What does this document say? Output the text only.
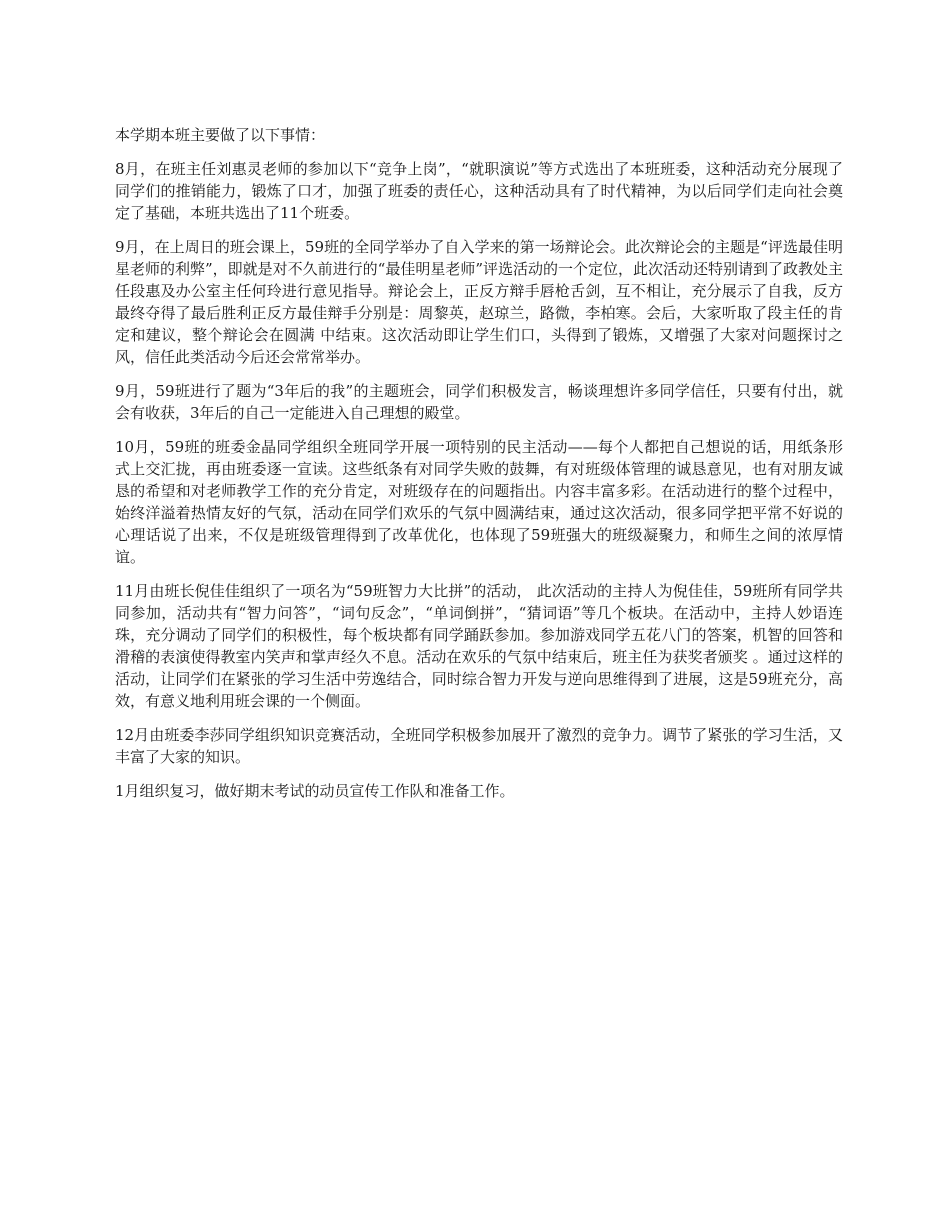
本学期本班主要做了以下事情：

8月，在班主任刘惠灵老师的参加以下“竞争上岗”，“就职演说”等方式选出了本班班委，这种活动充分展现了同学们的推销能力，锻炼了口才，加强了班委的责任心，这种活动具有了时代精神，为以后同学们走向社会奠定了基础，本班共选出了11个班委。

9月，在上周日的班会课上，59班的全同学举办了自入学来的第一场辩论会。此次辩论会的主题是“评选最佳明星老师的利弊”，即就是对不久前进行的“最佳明星老师”评选活动的一个定位，此次活动还特别请到了政教处主任段惠及办公室主任何玲进行意见指导。辩论会上，正反方辩手唇枪舌剑，互不相让，充分展示了自我，反方最终夺得了最后胜利正反方最佳辩手分别是：周黎英，赵琼兰，路微，李柏寒。会后，大家听取了段主任的肯定和建议，整个辩论会在圆满 中结束。这次活动即让学生们口，头得到了锻炼，又增强了大家对问题探讨之风，信任此类活动今后还会常常举办。

9月，59班进行了题为“3年后的我”的主题班会，同学们积极发言，畅谈理想许多同学信任，只要有付出，就会有收获，3年后的自己一定能进入自己理想的殿堂。

10月，59班的班委金晶同学组织全班同学开展一项特别的民主活动——每个人都把自己想说的话，用纸条形式上交汇拢，再由班委逐一宣读。这些纸条有对同学失败的鼓舞，有对班级体管理的诚恳意见，也有对朋友诚恳的希望和对老师教学工作的充分肯定，对班级存在的问题指出。内容丰富多彩。在活动进行的整个过程中，始终洋溢着热情友好的气氛，活动在同学们欢乐的气氛中圆满结束，通过这次活动，很多同学把平常不好说的心理话说了出来，不仅是班级管理得到了改革优化，也体现了59班强大的班级凝聚力，和师生之间的浓厚情谊。

11月由班长倪佳佳组织了一项名为“59班智力大比拼”的活动， 此次活动的主持人为倪佳佳，59班所有同学共同参加，活动共有“智力问答”，“词句反念”，“单词倒拼”，“猜词语”等几个板块。在活动中，主持人妙语连珠，充分调动了同学们的积极性，每个板块都有同学踊跃参加。参加游戏同学五花八门的答案，机智的回答和滑稽的表演使得教室内笑声和掌声经久不息。活动在欢乐的气氛中结束后，班主任为获奖者颁奖 。通过这样的活动，让同学们在紧张的学习生活中劳逸结合，同时综合智力开发与逆向思维得到了进展，这是59班充分，高效，有意义地利用班会课的一个侧面。

12月由班委李莎同学组织知识竞赛活动，全班同学积极参加展开了激烈的竞争力。调节了紧张的学习生活，又丰富了大家的知识。

1月组织复习，做好期末考试的动员宣传工作队和准备工作。
